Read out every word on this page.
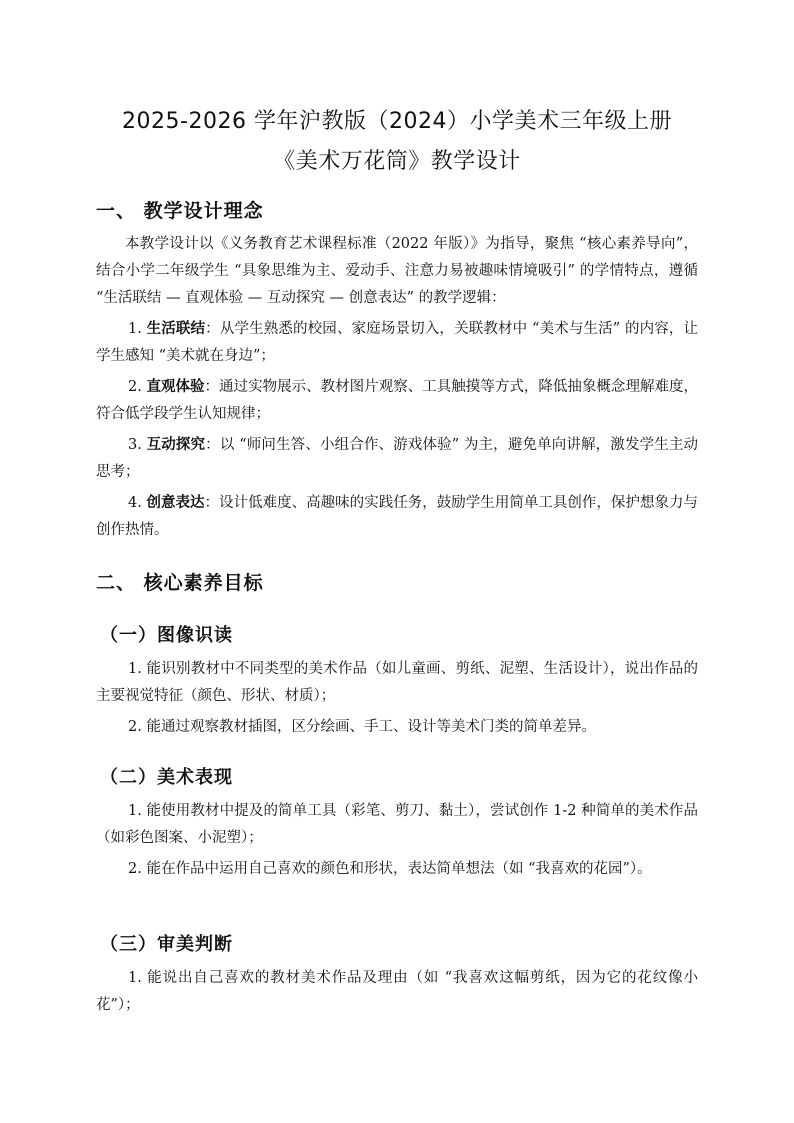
2025-2026 学年沪教版（2024）小学美术三年级上册
《美术万花筒》教学设计
一、 教学设计理念
本教学设计以《义务教育艺术课程标准（2022 年版）》为指导，聚焦 “核心素养导向”，结合小学二年级学生 “具象思维为主、爱动手、注意力易被趣味情境吸引” 的学情特点，遵循 “生活联结 — 直观体验 — 互动探究 — 创意表达” 的教学逻辑：
1. 生活联结：从学生熟悉的校园、家庭场景切入，关联教材中 “美术与生活” 的内容，让学生感知 “美术就在身边”；
2. 直观体验：通过实物展示、教材图片观察、工具触摸等方式，降低抽象概念理解难度，符合低学段学生认知规律；
3. 互动探究：以 “师问生答、小组合作、游戏体验” 为主，避免单向讲解，激发学生主动思考；
4. 创意表达：设计低难度、高趣味的实践任务，鼓励学生用简单工具创作，保护想象力与创作热情。
二、 核心素养目标
（一）图像识读
1. 能识别教材中不同类型的美术作品（如儿童画、剪纸、泥塑、生活设计），说出作品的主要视觉特征（颜色、形状、材质）；
2. 能通过观察教材插图，区分绘画、手工、设计等美术门类的简单差异。
（二）美术表现
1. 能使用教材中提及的简单工具（彩笔、剪刀、黏土），尝试创作 1-2 种简单的美术作品（如彩色图案、小泥塑）；
2. 能在作品中运用自己喜欢的颜色和形状，表达简单想法（如 “我喜欢的花园”）。
（三）审美判断
1. 能说出自己喜欢的教材美术作品及理由（如 “我喜欢这幅剪纸，因为它的花纹像小花”）；
